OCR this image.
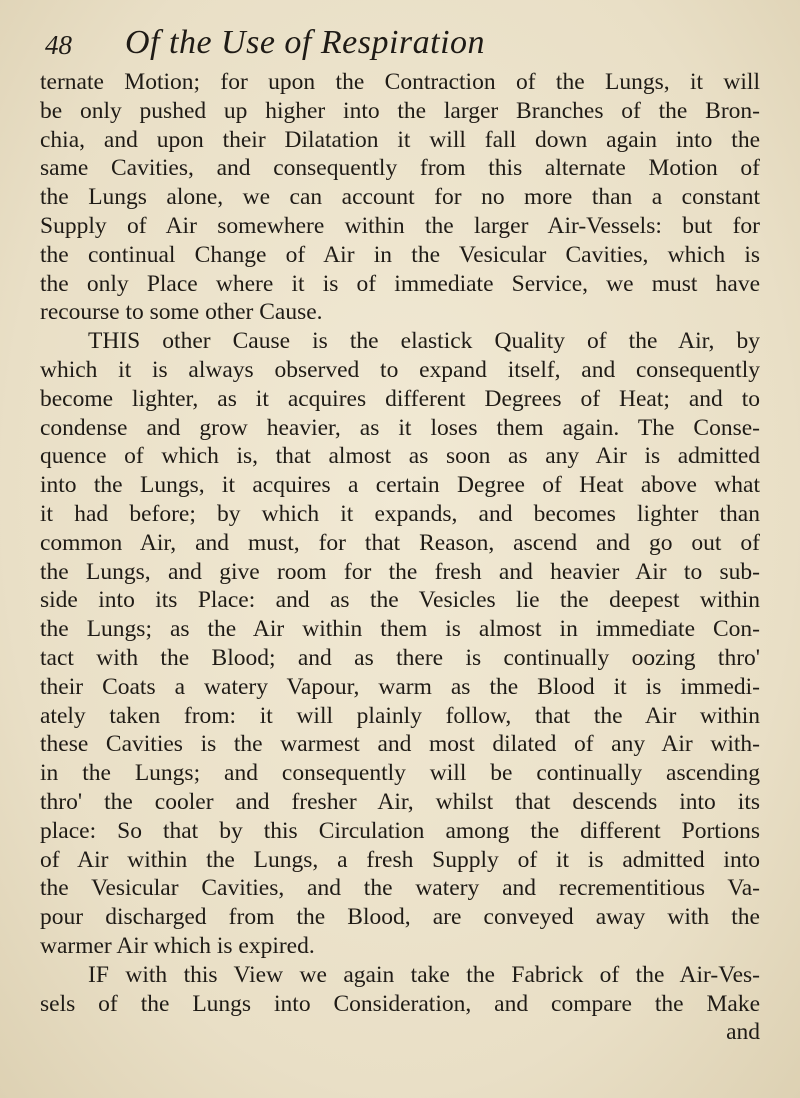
48 Of the Use of Respiration
ternate Motion; for upon the Contraction of the Lungs, it will
be only pushed up higher into the larger Branches of the Bron-
chia, and upon their Dilatation it will fall down again into the
same Cavities, and consequently from this alternate Motion of
the Lungs alone, we can account for no more than a constant
Supply of Air somewhere within the larger Air-Vessels: but for
the continual Change of Air in the Vesicular Cavities, which is
the only Place where it is of immediate Service, we must have
recourse to some other Cause.
THIS other Cause is the elastick Quality of the Air, by
which it is always observed to expand itself, and consequently
become lighter, as it acquires different Degrees of Heat; and to
condense and grow heavier, as it loses them again. The Conse-
quence of which is, that almost as soon as any Air is admitted
into the Lungs, it acquires a certain Degree of Heat above what
it had before; by which it expands, and becomes lighter than
common Air, and must, for that Reason, ascend and go out of
the Lungs, and give room for the fresh and heavier Air to sub-
side into its Place: and as the Vesicles lie the deepest within
the Lungs; as the Air within them is almost in immediate Con-
tact with the Blood; and as there is continually oozing thro'
their Coats a watery Vapour, warm as the Blood it is immedi-
ately taken from: it will plainly follow, that the Air within
these Cavities is the warmest and most dilated of any Air with-
in the Lungs; and consequently will be continually ascending
thro' the cooler and fresher Air, whilst that descends into its
place: So that by this Circulation among the different Portions
of Air within the Lungs, a fresh Supply of it is admitted into
the Vesicular Cavities, and the watery and recrementitious Va-
pour discharged from the Blood, are conveyed away with the
warmer Air which is expired.
IF with this View we again take the Fabrick of the Air-Ves-
sels of the Lungs into Consideration, and compare the Make
and
